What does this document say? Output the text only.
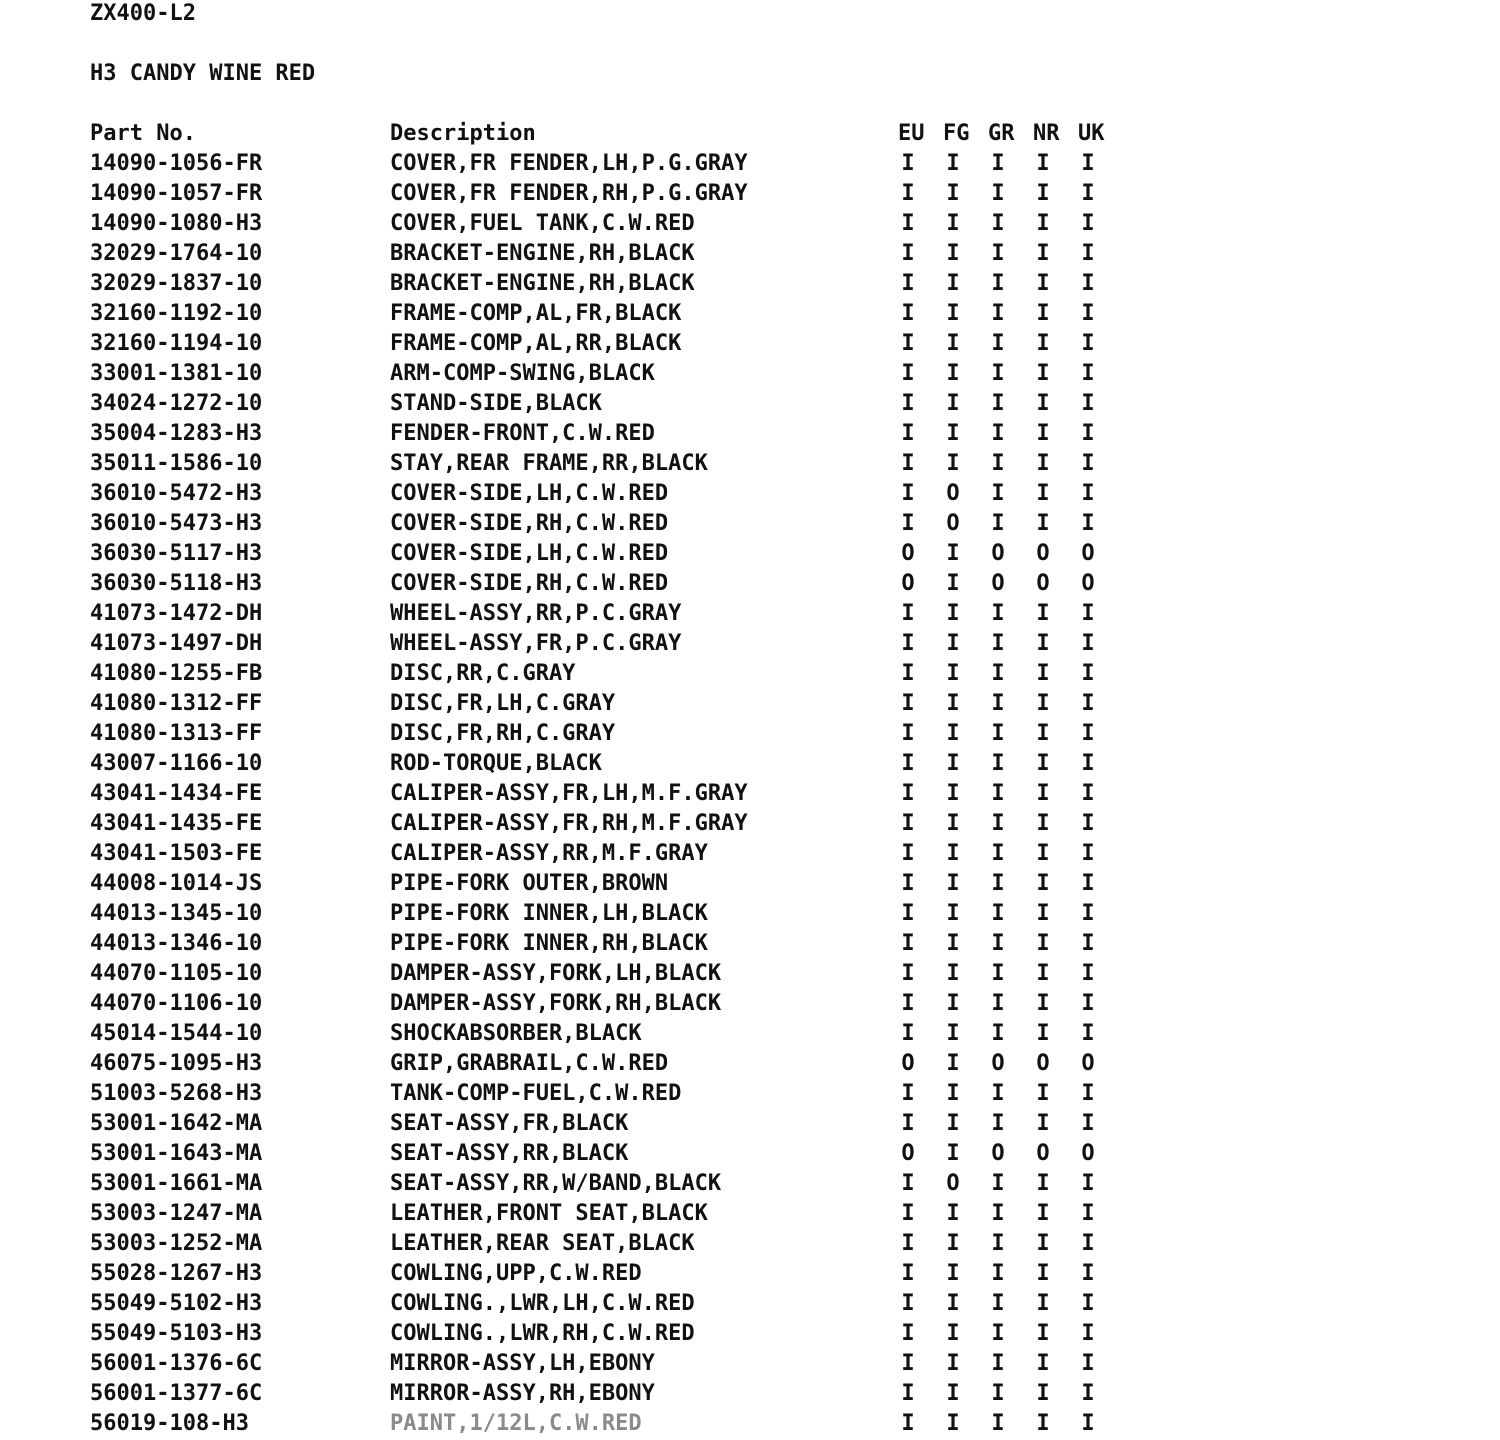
ZX400-L2
H3 CANDY WINE RED
Part No.	Description	EU FG GR NR UK
14090-1056-FR	COVER,FR FENDER,LH,P.G.GRAY	I	I	I	I	I
14090-1057-FR	COVER,FR FENDER,RH,P.G.GRAY	I	I	I	I	I
14090-1080-H3	COVER,FUEL TANK,C.W.RED	I	I	I	I	I
32029-1764-10	BRACKET-ENGINE,RH,BLACK	I	I	I	I	I
32029-1837-10	BRACKET-ENGINE,RH,BLACK	I	I	I	I	I
32160-1192-10	FRAME-COMP,AL,FR,BLACK	I	I	I	I	I
32160-1194-10	FRAME-COMP,AL,RR,BLACK	I	I	I	I	I
33001-1381-10	ARM-COMP-SWING,BLACK	I	I	I	I	I
34024-1272-10	STAND-SIDE,BLACK	I	I	I	I	I
35004-1283-H3	FENDER-FRONT,C.W.RED	I	I	I	I	I
35011-1586-10	STAY,REAR FRAME,RR,BLACK	I	I	I	I	I
36010-5472-H3	COVER-SIDE,LH,C.W.RED	I	O	I	I	I
36010-5473-H3	COVER-SIDE,RH,C.W.RED	I	O	I	I	I
36030-5117-H3	COVER-SIDE,LH,C.W.RED	O	I	O	O	O
36030-5118-H3	COVER-SIDE,RH,C.W.RED	O	I	O	O	O
41073-1472-DH	WHEEL-ASSY,RR,P.C.GRAY	I	I	I	I	I
41073-1497-DH	WHEEL-ASSY,FR,P.C.GRAY	I	I	I	I	I
41080-1255-FB	DISC,RR,C.GRAY	I	I	I	I	I
41080-1312-FF	DISC,FR,LH,C.GRAY	I	I	I	I	I
41080-1313-FF	DISC,FR,RH,C.GRAY	I	I	I	I	I
43007-1166-10	ROD-TORQUE,BLACK	I	I	I	I	I
43041-1434-FE	CALIPER-ASSY,FR,LH,M.F.GRAY	I	I	I	I	I
43041-1435-FE	CALIPER-ASSY,FR,RH,M.F.GRAY	I	I	I	I	I
43041-1503-FE	CALIPER-ASSY,RR,M.F.GRAY	I	I	I	I	I
44008-1014-JS	PIPE-FORK OUTER,BROWN	I	I	I	I	I
44013-1345-10	PIPE-FORK INNER,LH,BLACK	I	I	I	I	I
44013-1346-10	PIPE-FORK INNER,RH,BLACK	I	I	I	I	I
44070-1105-10	DAMPER-ASSY,FORK,LH,BLACK	I	I	I	I	I
44070-1106-10	DAMPER-ASSY,FORK,RH,BLACK	I	I	I	I	I
45014-1544-10	SHOCKABSORBER,BLACK	I	I	I	I	I
46075-1095-H3	GRIP,GRABRAIL,C.W.RED	O	I	O	O	O
51003-5268-H3	TANK-COMP-FUEL,C.W.RED	I	I	I	I	I
53001-1642-MA	SEAT-ASSY,FR,BLACK	I	I	I	I	I
53001-1643-MA	SEAT-ASSY,RR,BLACK	O	I	O	O	O
53001-1661-MA	SEAT-ASSY,RR,W/BAND,BLACK	I	O	I	I	I
53003-1247-MA	LEATHER,FRONT SEAT,BLACK	I	I	I	I	I
53003-1252-MA	LEATHER,REAR SEAT,BLACK	I	I	I	I	I
55028-1267-H3	COWLING,UPP,C.W.RED	I	I	I	I	I
55049-5102-H3	COWLING.,LWR,LH,C.W.RED	I	I	I	I	I
55049-5103-H3	COWLING.,LWR,RH,C.W.RED	I	I	I	I	I
56001-1376-6C	MIRROR-ASSY,LH,EBONY	I	I	I	I	I
56001-1377-6C	MIRROR-ASSY,RH,EBONY	I	I	I	I	I
56019-108-H3	PAINT,1/12L,C.W.RED	I	I	I	I	I
